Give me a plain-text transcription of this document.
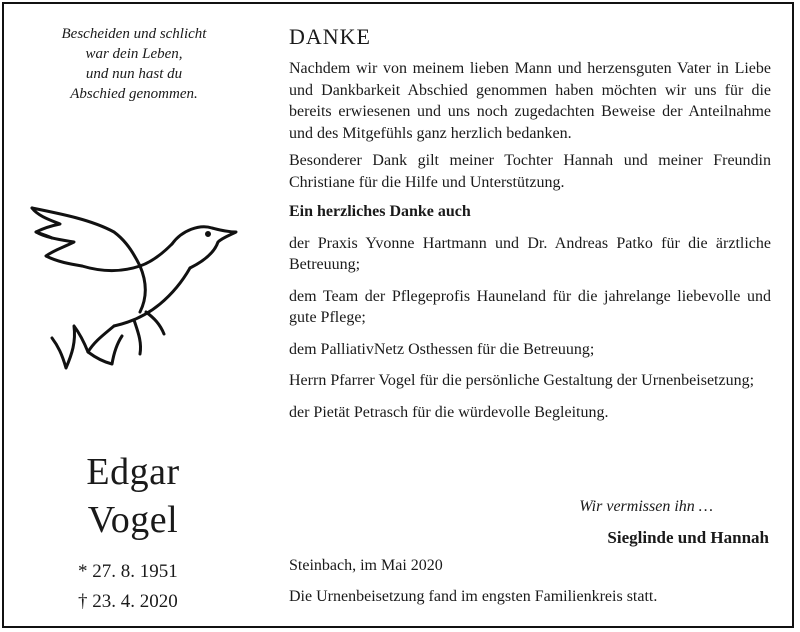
Bescheiden und schlicht
war dein Leben,
und nun hast du
Abschied genommen.
Edgar
Vogel
* 27. 8. 1951
† 23. 4. 2020
DANKE
Nachdem wir von meinem lieben Mann und herzensguten Vater in Liebe und Dankbarkeit Abschied genommen haben möchten wir uns für die bereits erwiesenen und uns noch zugedachten Beweise der Anteilnahme und des Mitgefühls ganz herzlich bedanken.
Besonderer Dank gilt meiner Tochter Hannah und meiner Freundin Christiane für die Hilfe und Unterstützung.
Ein herzliches Danke auch
der Praxis Yvonne Hartmann und Dr. Andreas Patko für die ärztliche Betreuung;
dem Team der Pflegeprofis Hauneland für die jahrelange liebevolle und gute Pflege;
dem PalliativNetz Osthessen für die Betreuung;
Herrn Pfarrer Vogel für die persönliche Gestaltung der Urnenbeisetzung;
der Pietät Petrasch für die würdevolle Begleitung.
Wir vermissen ihn …
Sieglinde und Hannah
Steinbach, im Mai 2020
Die Urnenbeisetzung fand im engsten Familienkreis statt.
